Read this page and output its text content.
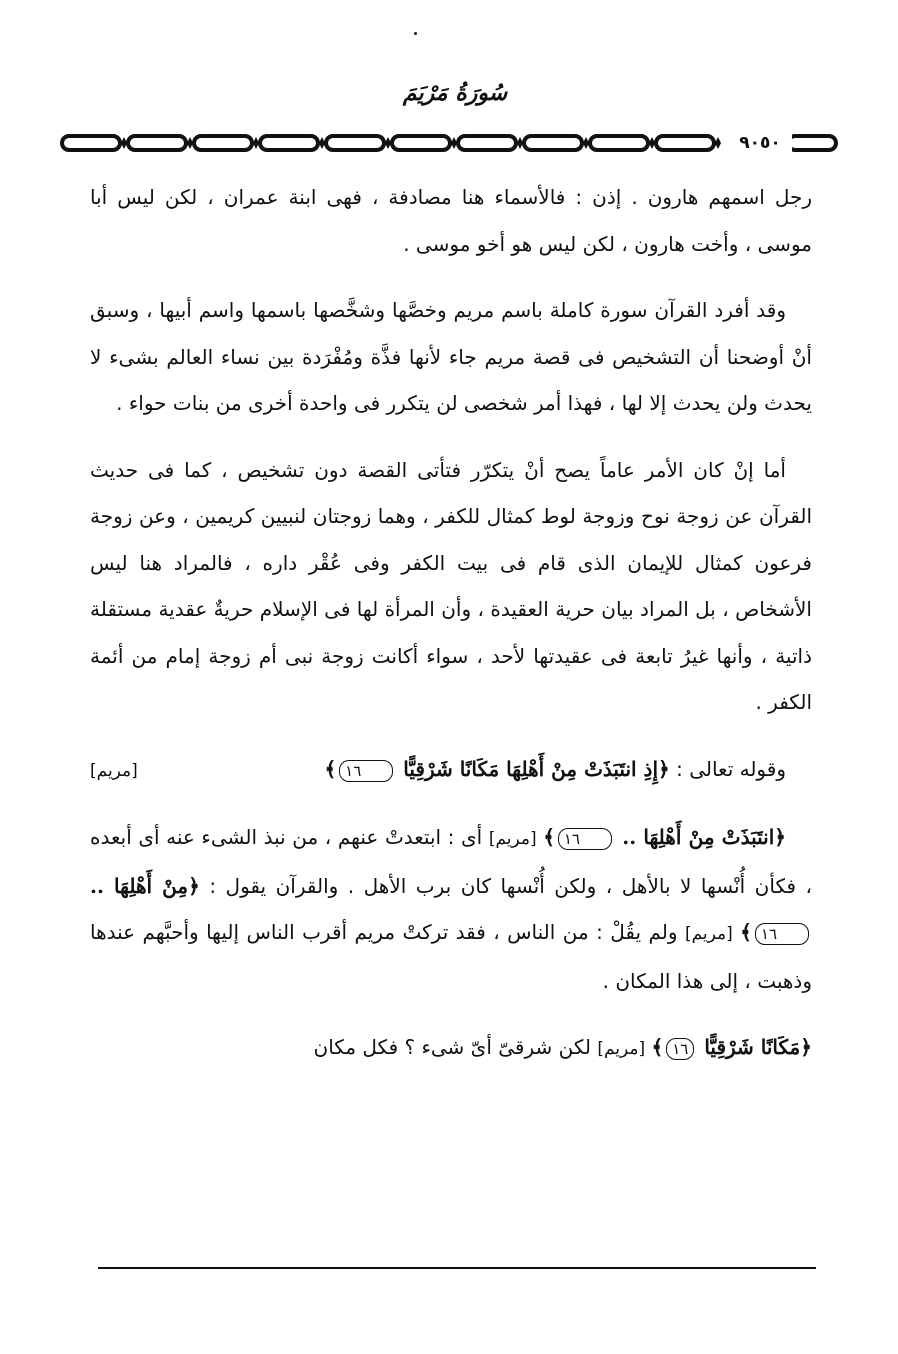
سُورَةُ مَرْيَمَ
٩٠٥٠

رجل اسمهم هارون . إذن : فالأسماء هنا مصادفة ، فهى ابنة عمران ، لكن ليس أبا موسى ، وأخت هارون ، لكن ليس هو أخو موسى .

وقد أفرد القرآن سورة كاملة باسم مريم وخصَّها وشخَّصها باسمها واسم أبيها ، وسبق أنْ أوضحنا أن التشخيص فى قصة مريم جاء لأنها فذَّة ومُفْرَدة بين نساء العالم بشىء لا يحدث ولن يحدث إلا لها ، فهذا أمر شخصى لن يتكرر فى واحدة أخرى من بنات حواء .

أما إنْ كان الأمر عاماً يصح أنْ يتكرّر فتأتى القصة دون تشخيص ، كما فى حديث القرآن عن زوجة نوح وزوجة لوط كمثال للكفر ، وهما زوجتان لنبيين كريمين ، وعن زوجة فرعون كمثال للإيمان الذى قام فى بيت الكفر وفى عُقْر داره ، فالمراد هنا ليس الأشخاص ، بل المراد بيان حرية العقيدة ، وأن المرأة لها فى الإسلام حريةٌ عقدية مستقلة ذاتية ، وأنها غيرُ تابعة فى عقيدتها لأحد ، سواء أكانت زوجة نبى أم زوجة إمام من أئمة الكفر .

وقوله تعالى : ﴿إِذِ انتَبَذَتْ مِنْ أَهْلِهَا مَكَانًا شَرْقِيًّا ١٦﴾
[مريم]

﴿انتَبَذَتْ مِنْ أَهْلِهَا .. ١٦﴾ [مريم] أى : ابتعدتْ عنهم ، من نبذ الشىء عنه أى أبعده ، فكأن أُنْسها لا بالأهل ، ولكن أُنْسها كان برب الأهل . والقرآن يقول : ﴿مِنْ أَهْلِهَا .. ١٦﴾ [مريم] ولم يقُلْ : من الناس ، فقد تركتْ مريم أقرب الناس إليها وأحبَّهم عندها وذهبت ، إلى هذا المكان .

﴿مَكَانًا شَرْقِيًّا ١٦﴾ [مريم] لكن شرقىّ أىّ شىء ؟ فكل مكان
